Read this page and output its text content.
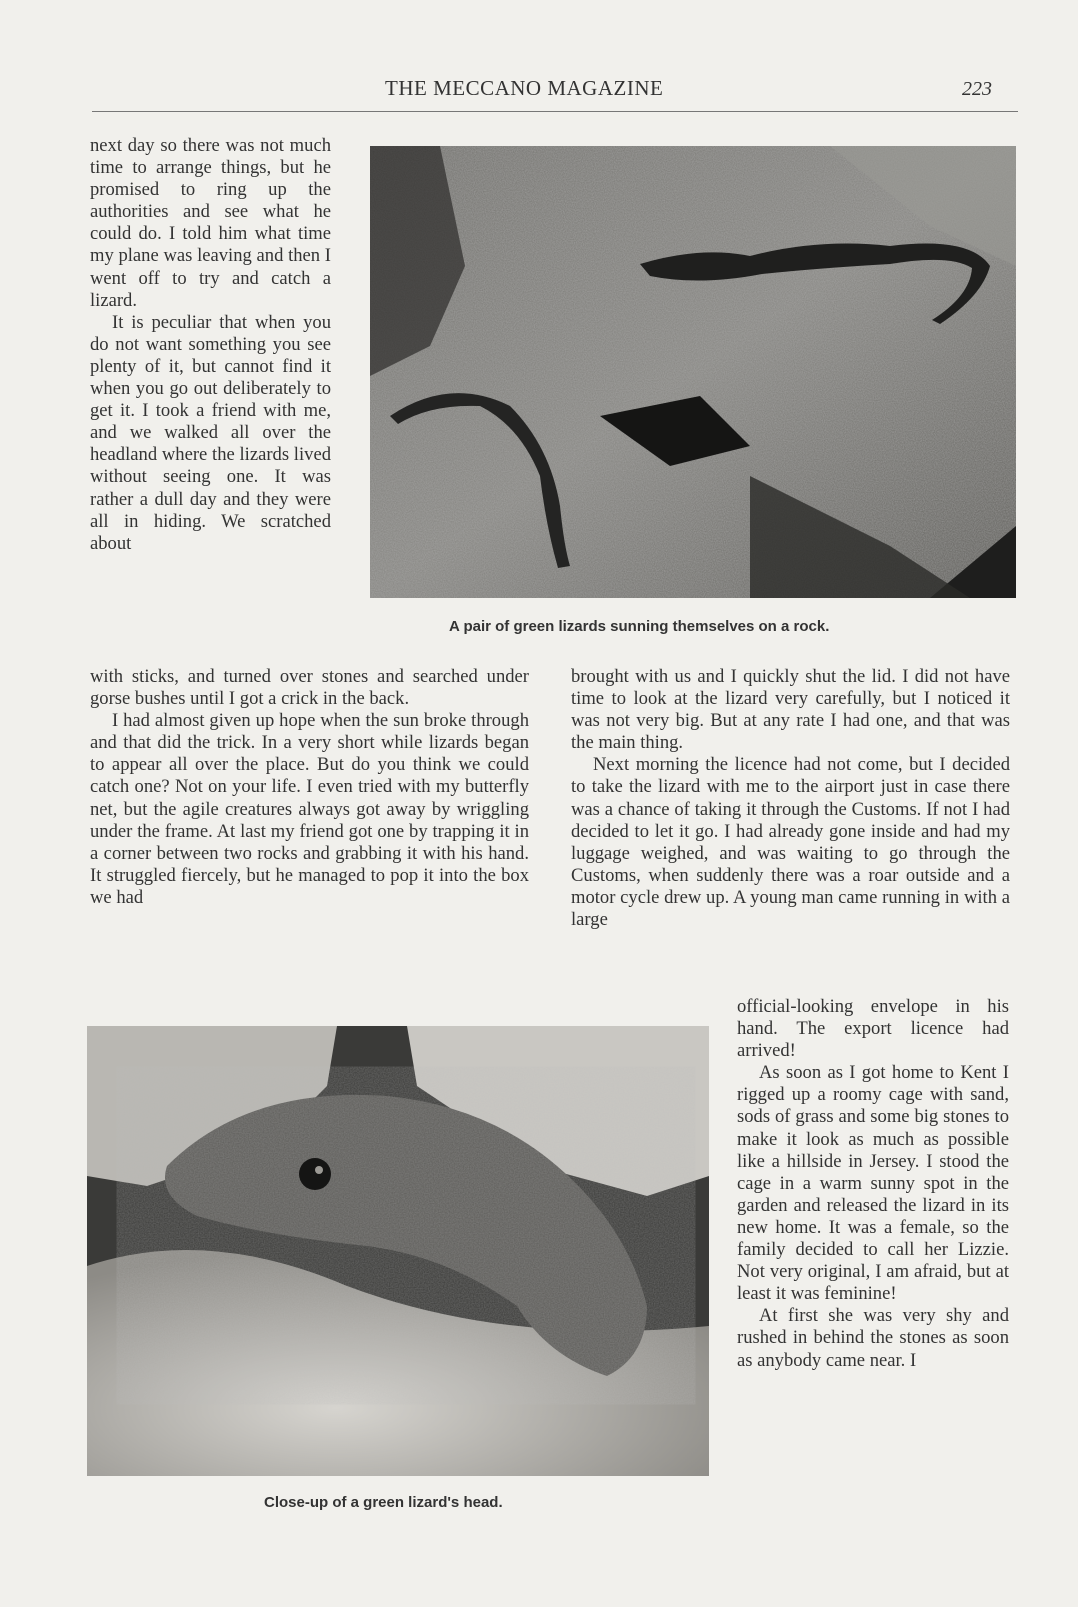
THE MECCANO MAGAZINE	223

next day so there was not much time to arrange things, but he promised to ring up the authorities and see what he could do. I told him what time my plane was leaving and then I went off to try and catch a lizard.

It is peculiar that when you do not want something you see plenty of it, but cannot find it when you go out deliberately to get it. I took a friend with me, and we walked all over the headland where the lizards lived without seeing one. It was rather a dull day and they were all in hiding. We scratched about

A pair of green lizards sunning themselves on a rock.

with sticks, and turned over stones and searched under gorse bushes until I got a crick in the back.

I had almost given up hope when the sun broke through and that did the trick. In a very short while lizards began to appear all over the place. But do you think we could catch one? Not on your life. I even tried with my butterfly net, but the agile creatures always got away by wriggling under the frame. At last my friend got one by trapping it in a corner between two rocks and grabbing it with his hand. It struggled fiercely, but he managed to pop it into the box we had

brought with us and I quickly shut the lid. I did not have time to look at the lizard very carefully, but I noticed it was not very big. But at any rate I had one, and that was the main thing.

Next morning the licence had not come, but I decided to take the lizard with me to the airport just in case there was a chance of taking it through the Customs. If not I had decided to let it go. I had already gone inside and had my luggage weighed, and was waiting to go through the Customs, when suddenly there was a roar outside and a motor cycle drew up. A young man came running in with a large

Close-up of a green lizard's head.

official-looking envelope in his hand. The export licence had arrived!

As soon as I got home to Kent I rigged up a roomy cage with sand, sods of grass and some big stones to make it look as much as possible like a hillside in Jersey. I stood the cage in a warm sunny spot in the garden and released the lizard in its new home. It was a female, so the family decided to call her Lizzie. Not very original, I am afraid, but at least it was feminine!

At first she was very shy and rushed in behind the stones as soon as anybody came near. I
